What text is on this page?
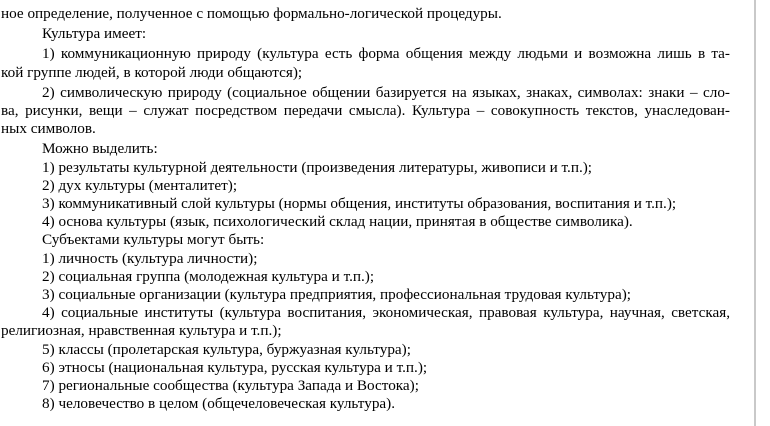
ное определение, полученное с помощью формально-логической процедуры.
Культура имеет:
1) коммуникационную природу (культура есть форма общения между людьми и возможна лишь в та-
кой группе людей, в которой люди общаются);
2) символическую природу (социальное общении базируется на языках, знаках, символах: знаки – сло-
ва, рисунки, вещи – служат посредством передачи смысла). Культура – совокупность текстов, унаследован-
ных символов.
Можно выделить:
1) результаты культурной деятельности (произведения литературы, живописи и т.п.);
2) дух культуры (менталитет);
3) коммуникативный слой культуры (нормы общения, институты образования, воспитания и т.п.);
4) основа культуры (язык, психологический склад нации, принятая в обществе символика).
Субъектами культуры могут быть:
1) личность (культура личности);
2) социальная группа (молодежная культура и т.п.);
3) социальные организации (культура предприятия, профессиональная трудовая культура);
4) социальные институты (культура воспитания, экономическая, правовая культура, научная, светская,
религиозная, нравственная культура и т.п.);
5) классы (пролетарская культура, буржуазная культура);
6) этносы (национальная культура, русская культура и т.п.);
7) региональные сообщества (культура Запада и Востока);
8) человечество в целом (общечеловеческая культура).
